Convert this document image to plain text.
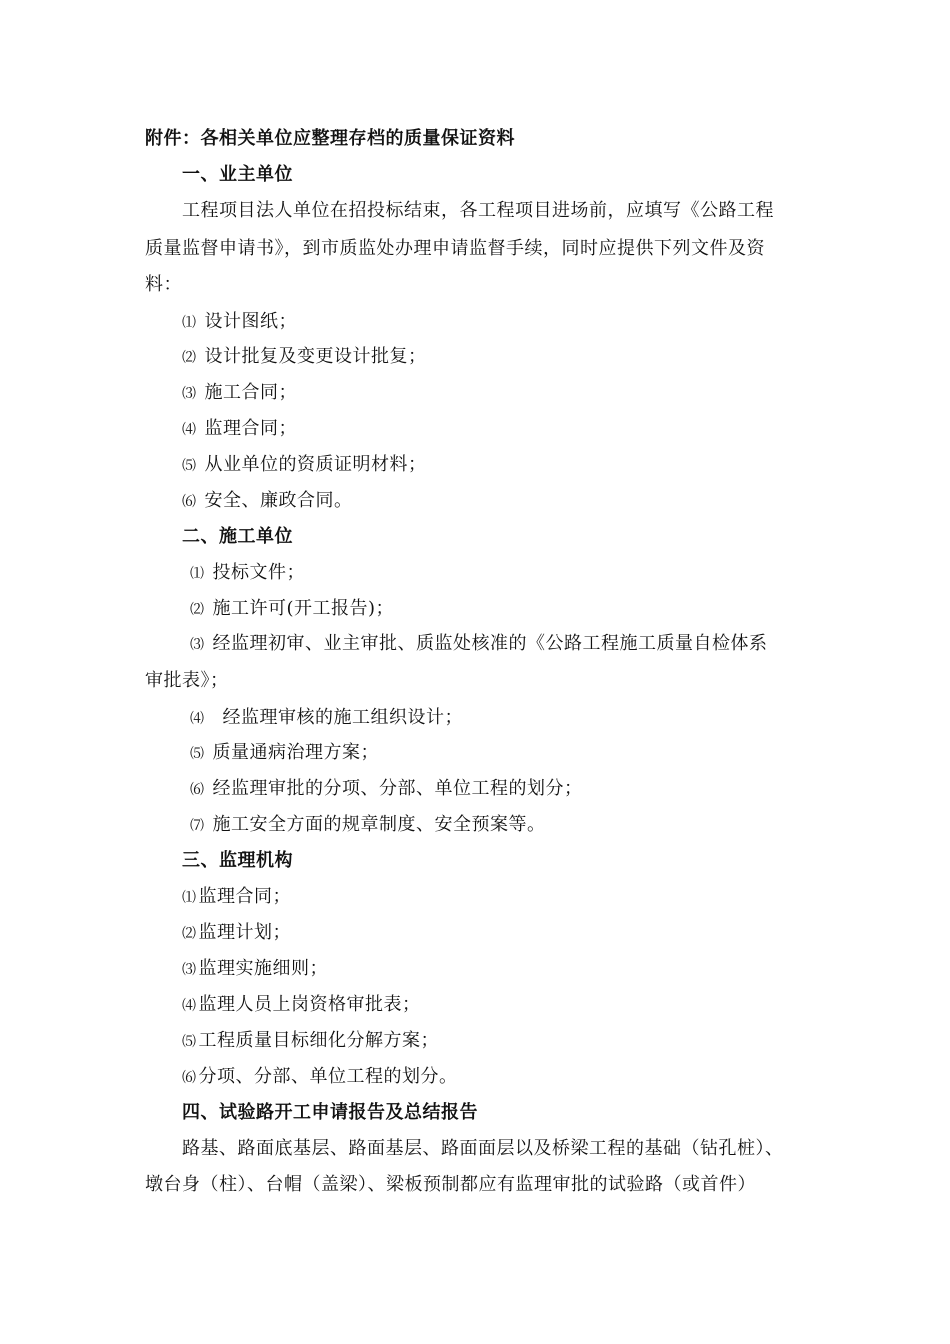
附件：各相关单位应整理存档的质量保证资料
一、业主单位
工程项目法人单位在招投标结束，各工程项目进场前，应填写《公路工程
质量监督申请书》，到市质监处办理申请监督手续，同时应提供下列文件及资
料：
⑴ 设计图纸；
⑵ 设计批复及变更设计批复；
⑶ 施工合同；
⑷ 监理合同；
⑸ 从业单位的资质证明材料；
⑹ 安全、廉政合同。
二、施工单位
⑴ 投标文件；
⑵ 施工许可(开工报告)；
⑶ 经监理初审、业主审批、质监处核准的《公路工程施工质量自检体系
审批表》；
⑷ 经监理审核的施工组织设计；
⑸ 质量通病治理方案；
⑹ 经监理审批的分项、分部、单位工程的划分；
⑺ 施工安全方面的规章制度、安全预案等。
三、监理机构
⑴ 监理合同；
⑵ 监理计划；
⑶ 监理实施细则；
⑷ 监理人员上岗资格审批表；
⑸ 工程质量目标细化分解方案；
⑹ 分项、分部、单位工程的划分。
四、试验路开工申请报告及总结报告
路基、路面底基层、路面基层、路面面层以及桥梁工程的基础（钻孔桩）、
墩台身（柱）、台帽（盖梁）、梁板预制都应有监理审批的试验路（或首件）
